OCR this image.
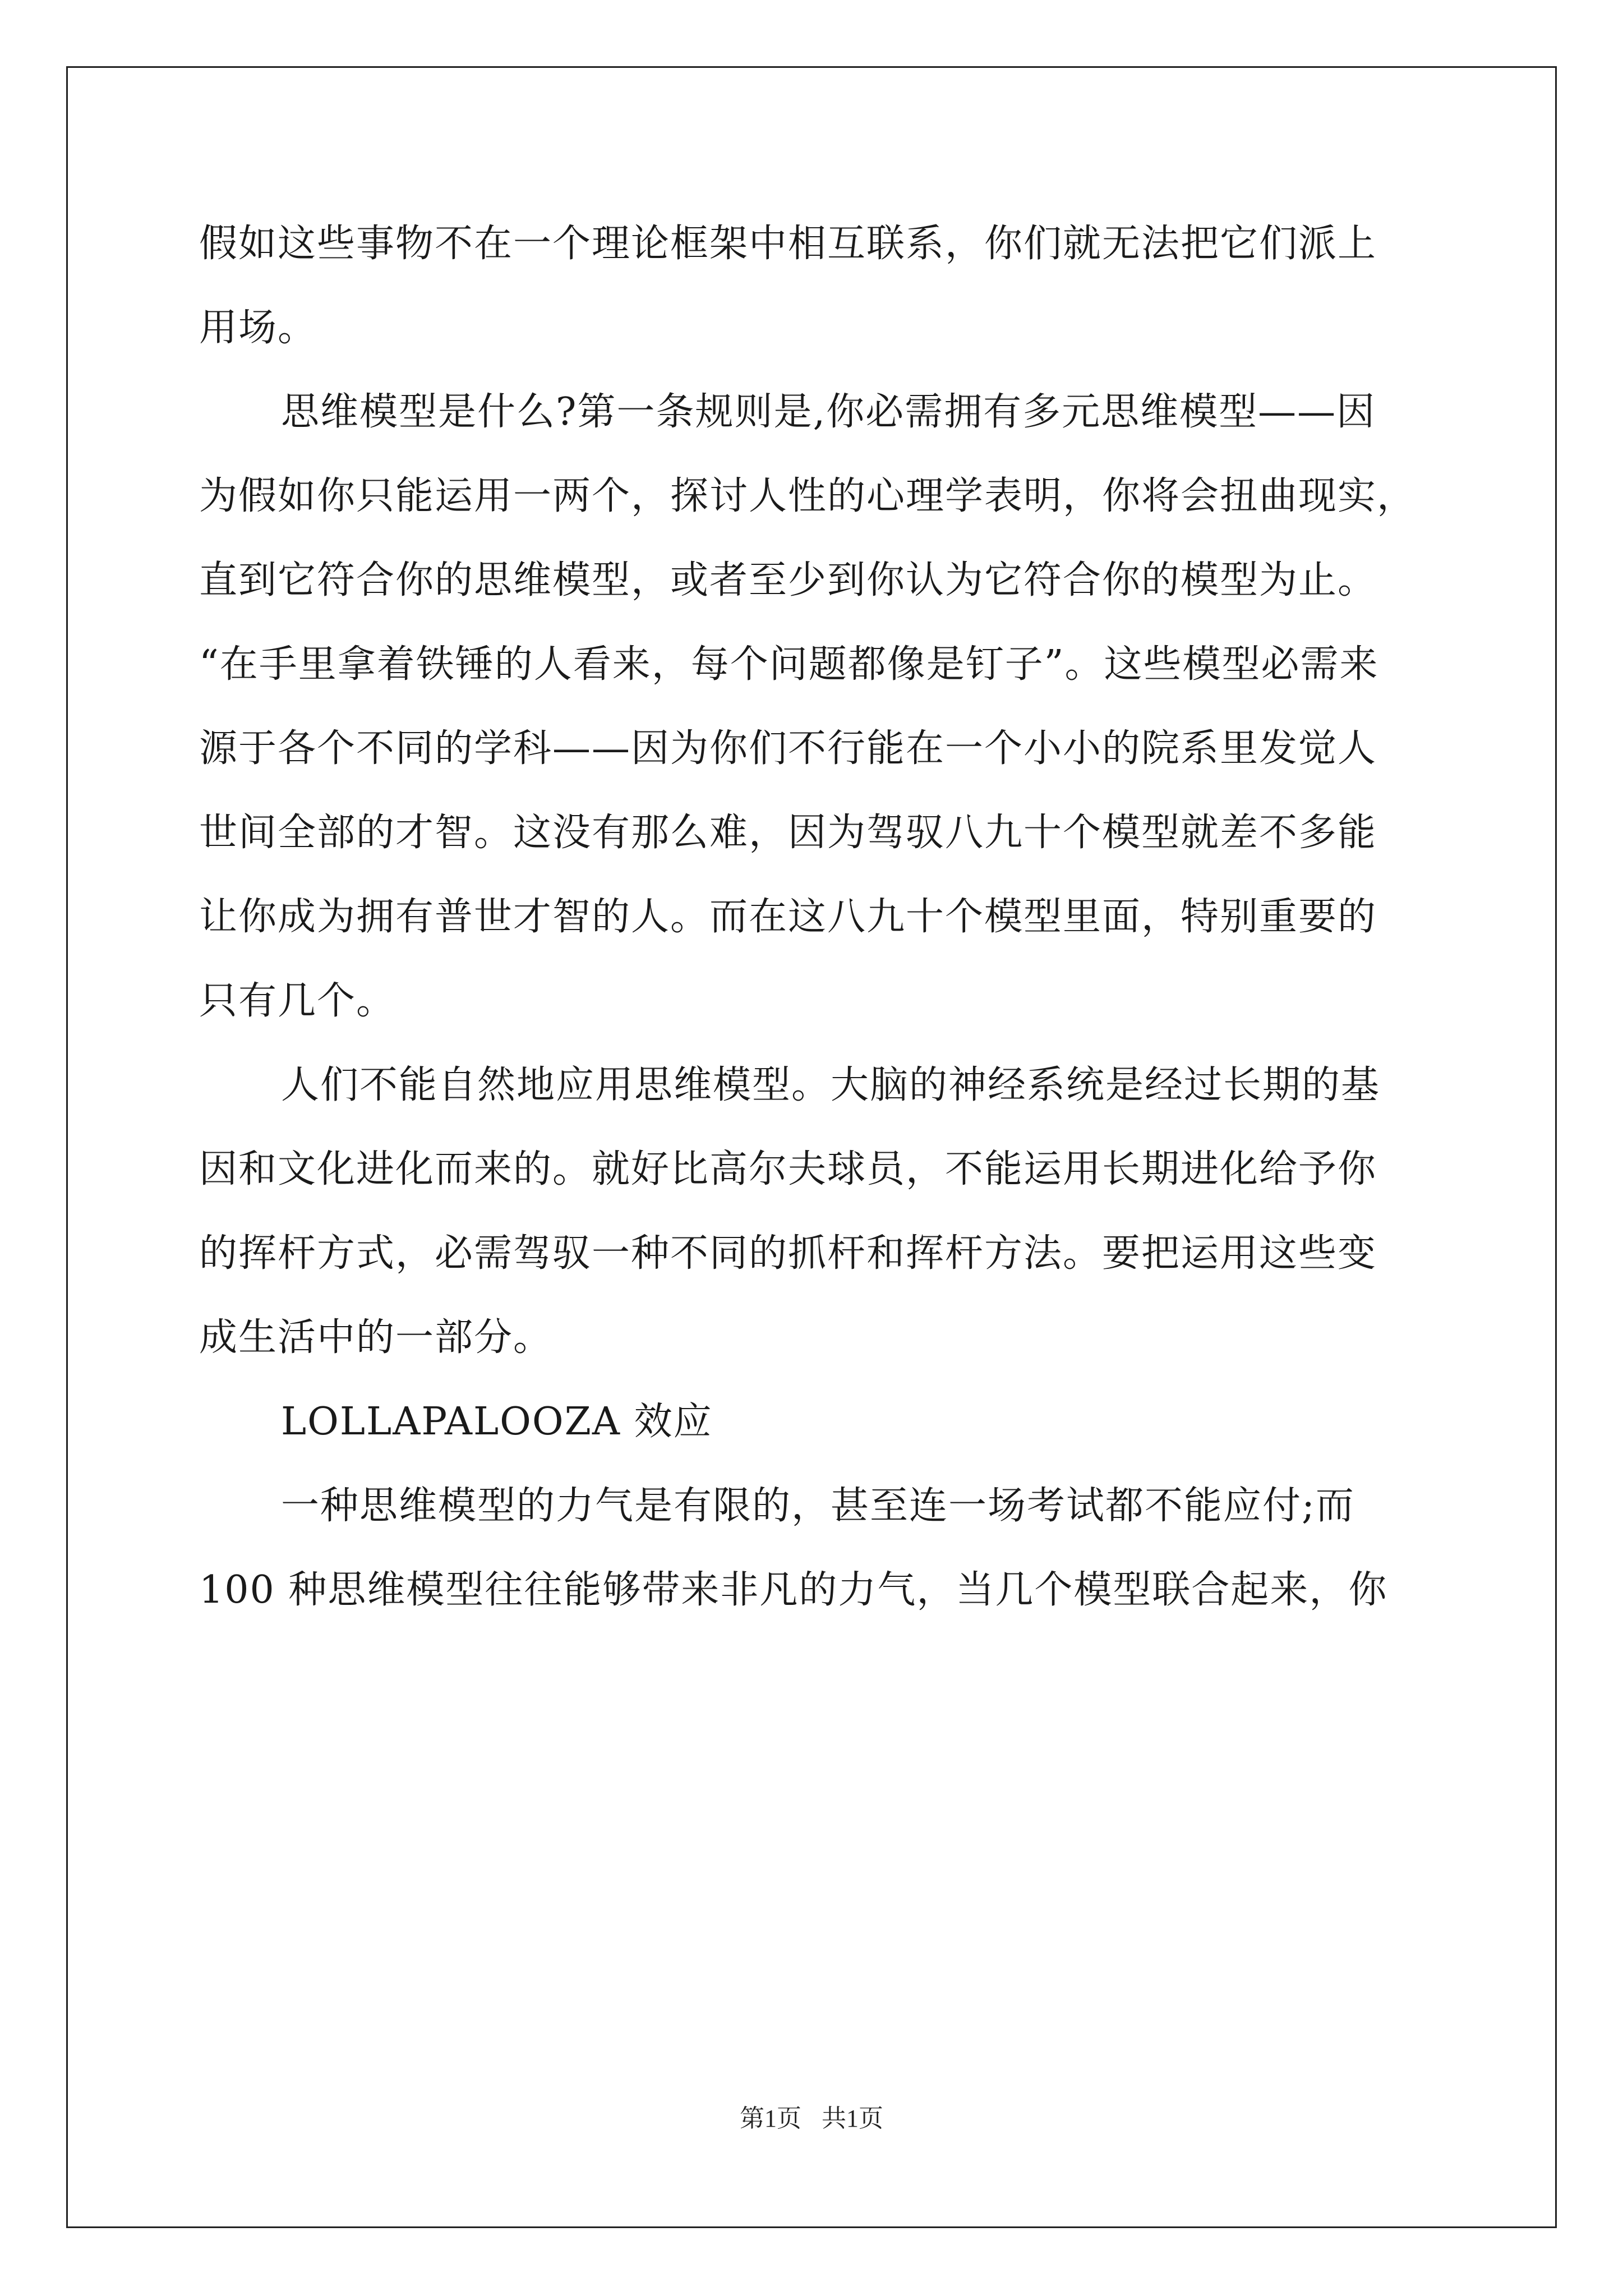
假如这些事物不在一个理论框架中相互联系，你们就无法把它们派上
用场。
思维模型是什么?第一条规则是,你必需拥有多元思维模型——因
为假如你只能运用一两个，探讨人性的心理学表明，你将会扭曲现实，
直到它符合你的思维模型，或者至少到你认为它符合你的模型为止。
“在手里拿着铁锤的人看来，每个问题都像是钉子”。这些模型必需来
源于各个不同的学科——因为你们不行能在一个小小的院系里发觉人
世间全部的才智。这没有那么难，因为驾驭八九十个模型就差不多能
让你成为拥有普世才智的人。而在这八九十个模型里面，特别重要的
只有几个。
人们不能自然地应用思维模型。大脑的神经系统是经过长期的基
因和文化进化而来的。就好比高尔夫球员，不能运用长期进化给予你
的挥杆方式，必需驾驭一种不同的抓杆和挥杆方法。要把运用这些变
成生活中的一部分。
LOLLAPALOOZA 效应
一种思维模型的力气是有限的，甚至连一场考试都不能应付;而
100 种思维模型往往能够带来非凡的力气，当几个模型联合起来，你
第1页 共1页
